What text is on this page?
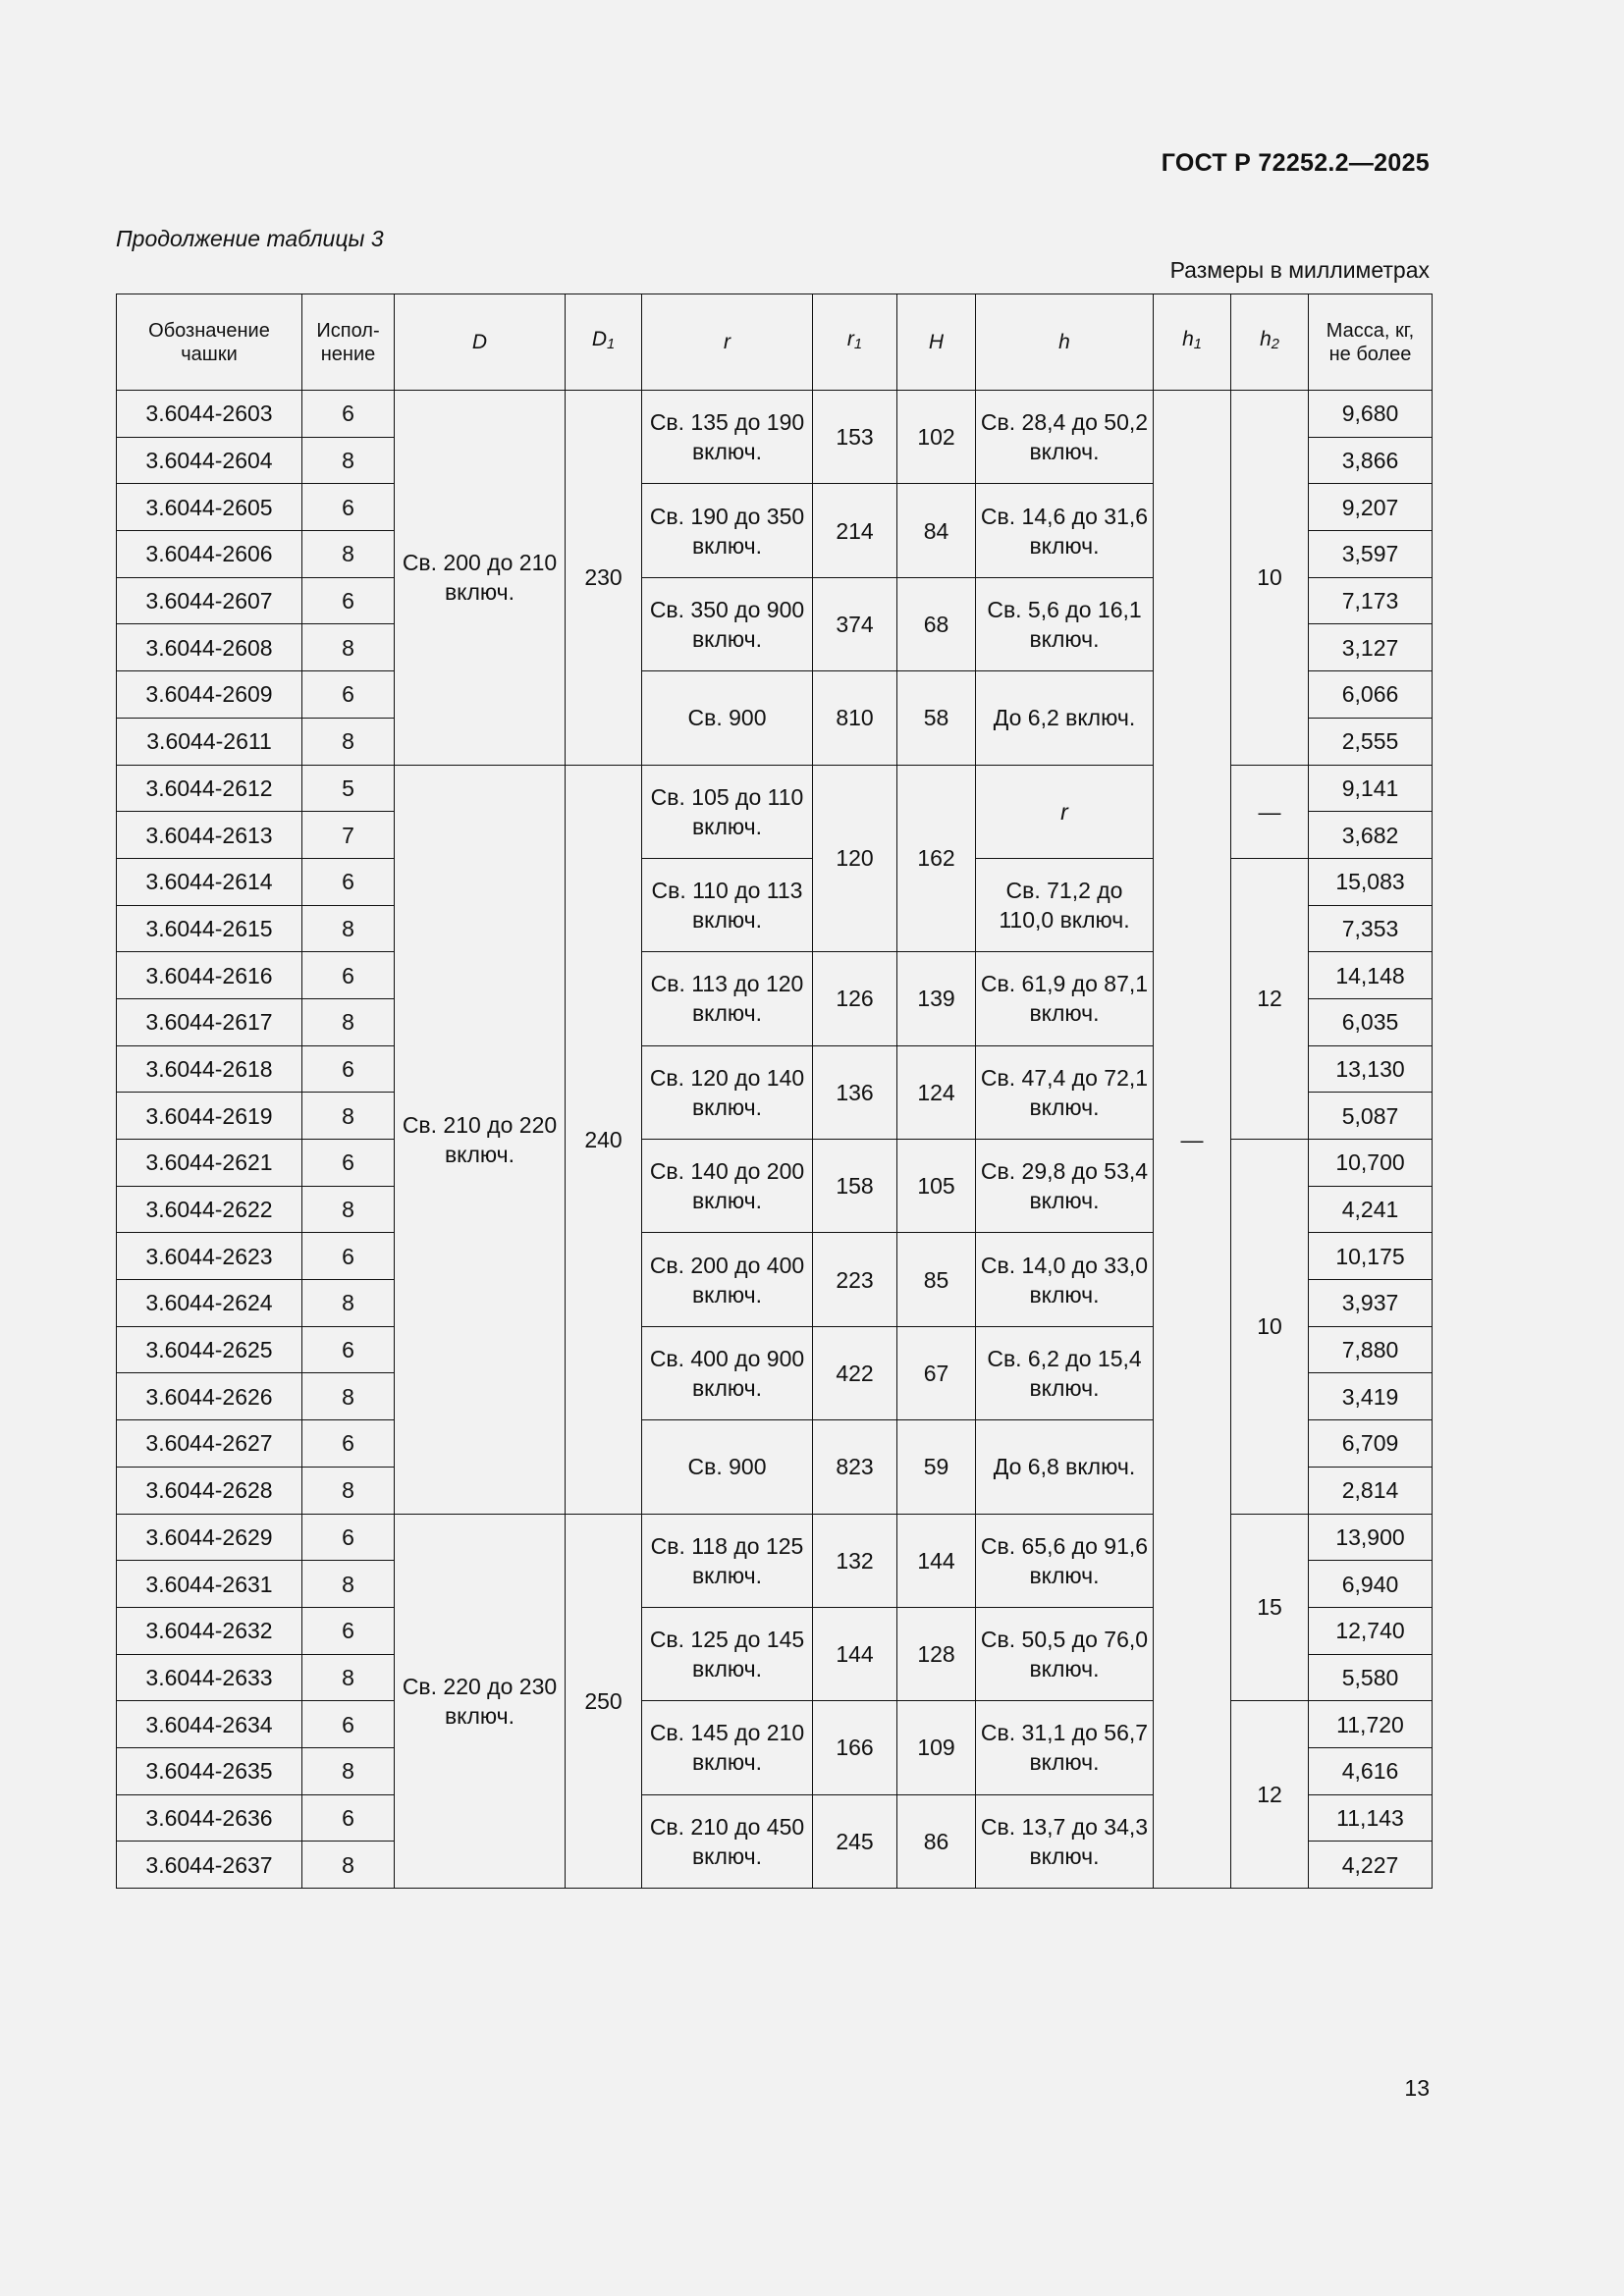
ГОСТ Р 72252.2—2025
Продолжение таблицы 3
Размеры в миллиметрах
Обозначение чашки	Испол-нение	D	$D_1$	r	$r_1$	H	h	$h_1$	$h_2$	Масса, кг, не более
3.6044-2603	6	Св. 200 до 210 включ.	230	Св. 135 до 190 включ.	153	102	Св. 28,4 до 50,2 включ.	—	10	9,680
3.6044-2604	8									3,866
3.6044-2605	6			Св. 190 до 350 включ.	214	84	Св. 14,6 до 31,6 включ.			9,207
3.6044-2606	8									3,597
3.6044-2607	6			Св. 350 до 900 включ.	374	68	Св. 5,6 до 16,1 включ.			7,173
3.6044-2608	8									3,127
3.6044-2609	6			Св. 900	810	58	До 6,2 включ.			6,066
3.6044-2611	8									2,555
3.6044-2612	5	Св. 210 до 220 включ.	240	Св. 105 до 110 включ.	120	162	r		—	9,141
3.6044-2613	7									3,682
3.6044-2614	6			Св. 110 до 113 включ.			Св. 71,2 до 110,0 включ.		12	15,083
3.6044-2615	8									7,353
3.6044-2616	6			Св. 113 до 120 включ.	126	139	Св. 61,9 до 87,1 включ.			14,148
3.6044-2617	8									6,035
3.6044-2618	6			Св. 120 до 140 включ.	136	124	Св. 47,4 до 72,1 включ.			13,130
3.6044-2619	8									5,087
3.6044-2621	6			Св. 140 до 200 включ.	158	105	Св. 29,8 до 53,4 включ.		10	10,700
3.6044-2622	8									4,241
3.6044-2623	6			Св. 200 до 400 включ.	223	85	Св. 14,0 до 33,0 включ.			10,175
3.6044-2624	8									3,937
3.6044-2625	6			Св. 400 до 900 включ.	422	67	Св. 6,2 до 15,4 включ.			7,880
3.6044-2626	8									3,419
3.6044-2627	6			Св. 900	823	59	До 6,8 включ.			6,709
3.6044-2628	8									2,814
3.6044-2629	6	Св. 220 до 230 включ.	250	Св. 118 до 125 включ.	132	144	Св. 65,6 до 91,6 включ.		15	13,900
3.6044-2631	8									6,940
3.6044-2632	6			Св. 125 до 145 включ.	144	128	Св. 50,5 до 76,0 включ.			12,740
3.6044-2633	8									5,580
3.6044-2634	6			Св. 145 до 210 включ.	166	109	Св. 31,1 до 56,7 включ.		12	11,720
3.6044-2635	8									4,616
3.6044-2636	6			Св. 210 до 450 включ.	245	86	Св. 13,7 до 34,3 включ.			11,143
3.6044-2637	8									4,227
13
